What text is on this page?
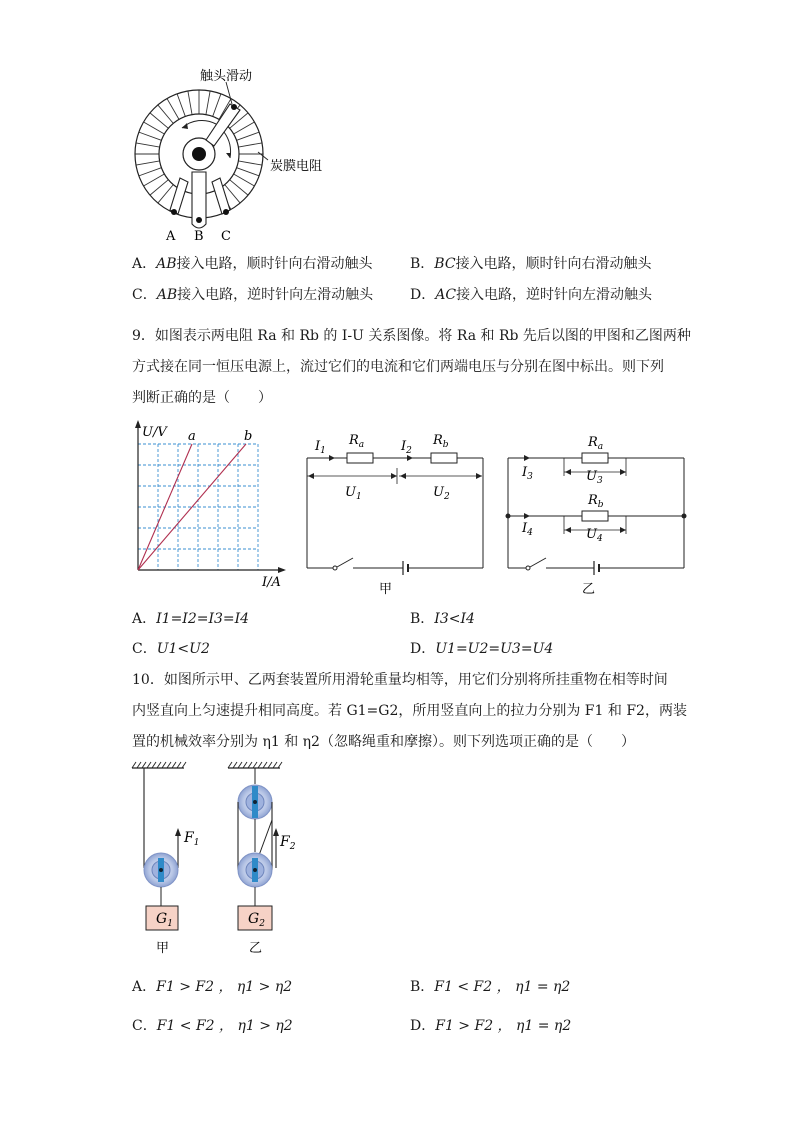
触头滑动
炭膜电阻
A B C
A．AB接入电路，顺时针向右滑动触头	B．BC接入电路，顺时针向右滑动触头
C．AB接入电路，逆时针向左滑动触头	D．AC接入电路，逆时针向左滑动触头
9．如图表示两电阻 Ra 和 Rb 的 I-U 关系图像。将 Ra 和 Rb 先后以图的甲图和乙图两种
方式接在同一恒压电源上，流过它们的电流和它们两端电压与分别在图中标出。则下列
判断正确的是（　　）
U/V a	b
I/A
$I_1$
$R_a$	$I_2$
$R_b$
$U_1$	$U_2$
甲
$R_a$
$I_3$	$U_3$
$R_b$
$I_4$	$U_4$
乙
A．I1=I2=I3=I4	B．I3<I4
C．U1<U2	D．U1=U2=U3=U4
10．如图所示甲、乙两套装置所用滑轮重量均相等，用它们分别将所挂重物在相等时间
内竖直向上匀速提升相同高度。若 G1=G2，所用竖直向上的拉力分别为 F1 和 F2，两装
置的机械效率分别为 η1 和 η2（忽略绳重和摩擦）。则下列选项正确的是（　　）
$G_1$
$F_1$
甲
$G_2$
$F_2$
乙
A．F1 > F2 ， η1 > η2	B．F1 < F2 ， η1 = η2
C．F1 < F2 ， η1 > η2	D．F1 > F2 ， η1 = η2
